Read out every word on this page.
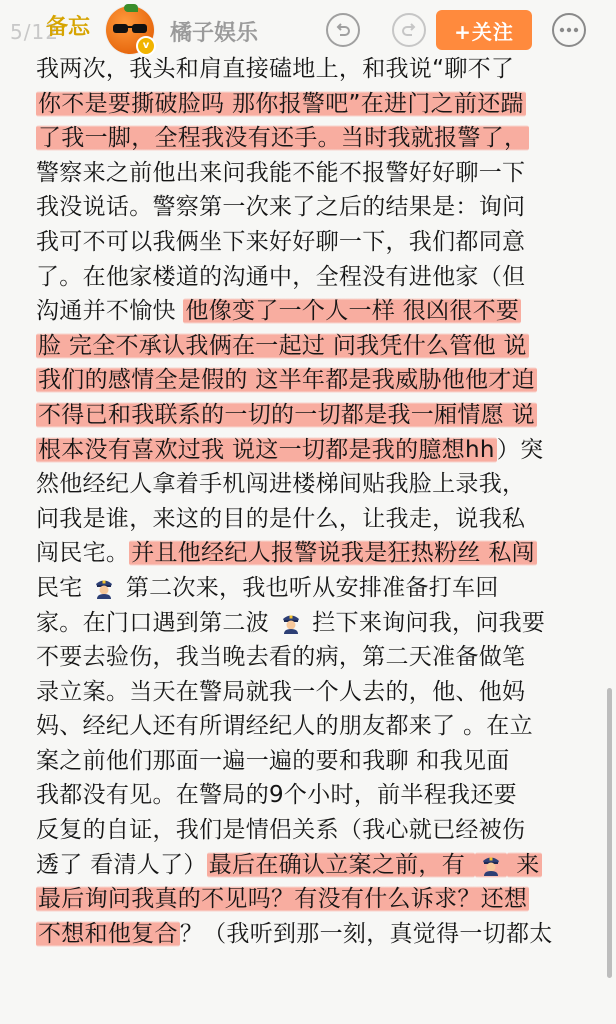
5/12
备忘
v 橘子娱乐	+关注
我两次，我头和肩直接磕地上，和我说“聊不了
你不是要撕破脸吗 那你报警吧”在进门之前还踹
了我一脚，全程我没有还手。当时我就报警了，
警察来之前他出来问我能不能不报警好好聊一下
我没说话。警察第一次来了之后的结果是：询问
我可不可以我俩坐下来好好聊一下，我们都同意
了。在他家楼道的沟通中，全程没有进他家（但
沟通并不愉快 他像变了一个人一样 很凶很不要
脸 完全不承认我俩在一起过 问我凭什么管他 说
我们的感情全是假的 这半年都是我威胁他他才迫
不得已和我联系的一切的一切都是我一厢情愿 说
根本没有喜欢过我 说这一切都是我的臆想hh）突
然他经纪人拿着手机闯进楼梯间贴我脸上录我，
问我是谁，来这的目的是什么，让我走，说我私
闯民宅。并且他经纪人报警说我是狂热粉丝 私闯
民宅  第二次来，我也听从安排准备打车回
家。在门口遇到第二波  拦下来询问我，问我要
不要去验伤，我当晚去看的病，第二天准备做笔
录立案。当天在警局就我一个人去的，他、他妈
妈、经纪人还有所谓经纪人的朋友都来了 。在立
案之前他们那面一遍一遍的要和我聊 和我见面
我都没有见。在警局的9个小时，前半程我还要
反复的自证，我们是情侣关系（我心就已经被伤
透了 看清人了）最后在确认立案之前，有  来
最后询问我真的不见吗？有没有什么诉求？还想
不想和他复合？（我听到那一刻，真觉得一切都太
